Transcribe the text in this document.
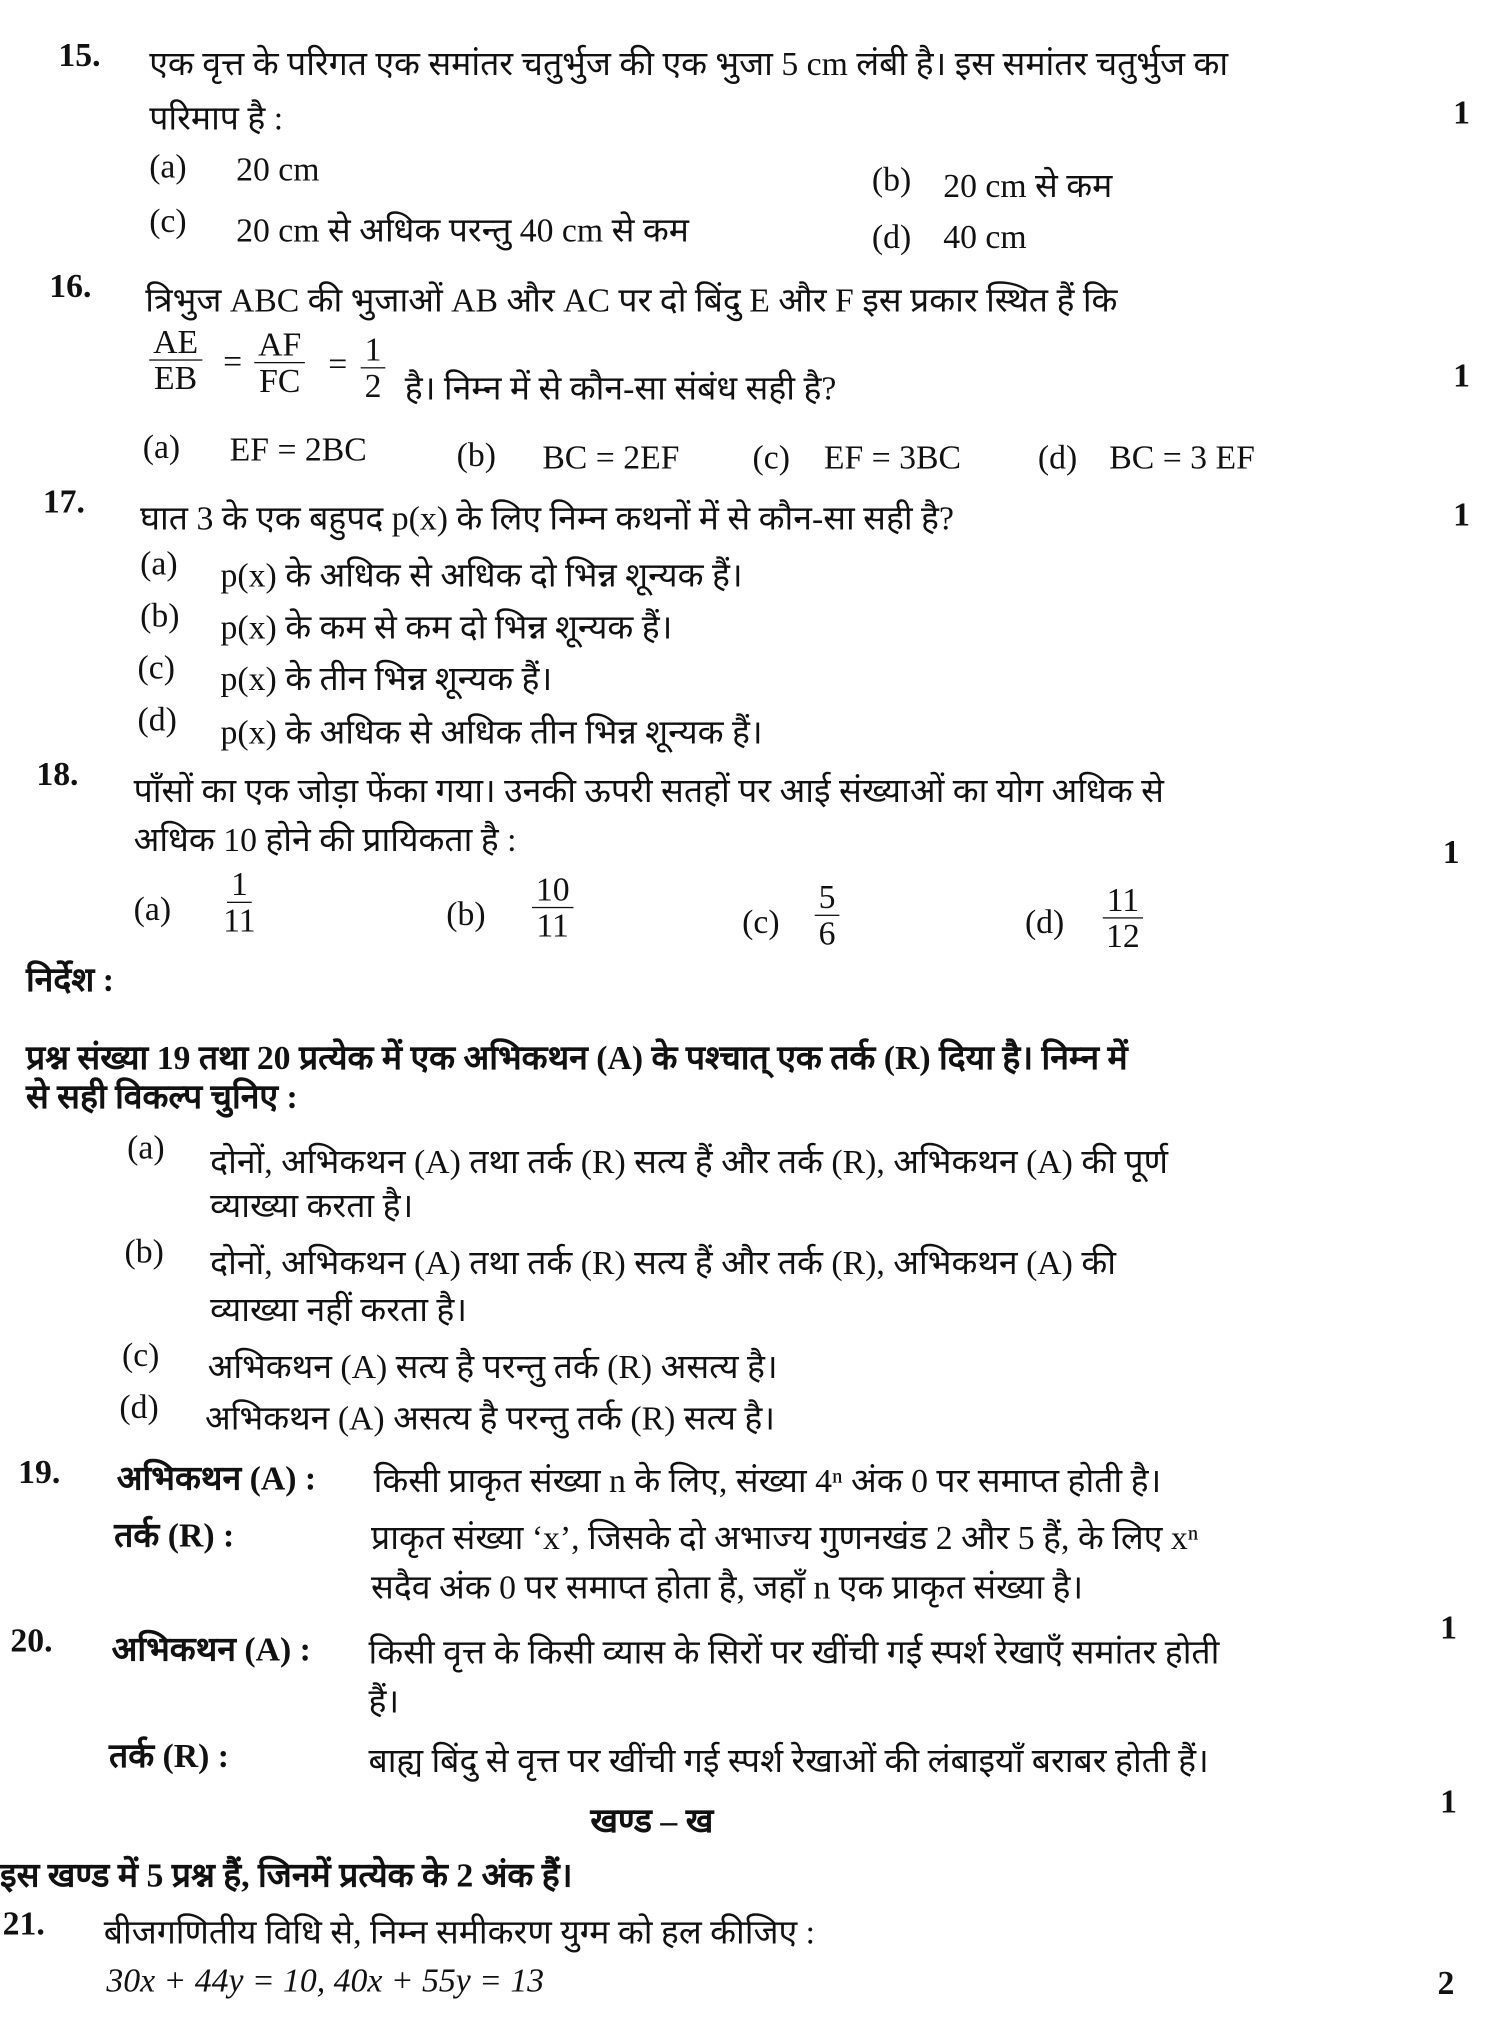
15. एक वृत्त के परिगत एक समांतर चतुर्भुज की एक भुजा 5 cm लंबी है। इस समांतर चतुर्भुज का
परिमाप है :	1
(a) 20 cm	(b) 20 cm से कम
(c) 20 cm से अधिक परन्तु 40 cm से कम	(d) 40 cm
16. त्रिभुज ABC की भुजाओं AB और AC पर दो बिंदु E और F इस प्रकार स्थित हैं कि
$\frac{AE}{EB} = \frac{AF}{FC} = \frac{1}{2}$ है। निम्न में से कौन-सा संबंध सही है?	1
(a) EF = 2BC	(b) BC = 2EF	(c) EF = 3BC	(d) BC = 3 EF
17. घात 3 के एक बहुपद p(x) के लिए निम्न कथनों में से कौन-सा सही है?	1
(a) p(x) के अधिक से अधिक दो भिन्न शून्यक हैं।
(b) p(x) के कम से कम दो भिन्न शून्यक हैं।
(c) p(x) के तीन भिन्न शून्यक हैं।
(d) p(x) के अधिक से अधिक तीन भिन्न शून्यक हैं।
18. पाँसों का एक जोड़ा फेंका गया। उनकी ऊपरी सतहों पर आई संख्याओं का योग अधिक से
अधिक 10 होने की प्रायिकता है :	1
$(a) \frac{1}{11}$	$(b) \frac{10}{11}$	$(c) \frac{5}{6}$	$(d) \frac{11}{12}$
निर्देश :
प्रश्न संख्या 19 तथा 20 प्रत्येक में एक अभिकथन (A) के पश्चात् एक तर्क (R) दिया है। निम्न में
से सही विकल्प चुनिए :
(a) दोनों, अभिकथन (A) तथा तर्क (R) सत्य हैं और तर्क (R), अभिकथन (A) की पूर्ण
व्याख्या करता है।
(b) दोनों, अभिकथन (A) तथा तर्क (R) सत्य हैं और तर्क (R), अभिकथन (A) की
व्याख्या नहीं करता है।
(c) अभिकथन (A) सत्य है परन्तु तर्क (R) असत्य है।
(d) अभिकथन (A) असत्य है परन्तु तर्क (R) सत्य है।
19. अभिकथन (A) : किसी प्राकृत संख्या n के लिए, संख्या 4ⁿ अंक 0 पर समाप्त होती है।
तर्क (R) :	प्राकृत संख्या ‘x’, जिसके दो अभाज्य गुणनखंड 2 और 5 हैं, के लिए xⁿ
सदैव अंक 0 पर समाप्त होता है, जहाँ n एक प्राकृत संख्या है।
1
20. अभिकथन (A) : किसी वृत्त के किसी व्यास के सिरों पर खींची गई स्पर्श रेखाएँ समांतर होती
हैं।
तर्क (R) :	बाह्य बिंदु से वृत्त पर खींची गई स्पर्श रेखाओं की लंबाइयाँ बराबर होती हैं।
1
खण्ड – ख
इस खण्ड में 5 प्रश्न हैं, जिनमें प्रत्येक के 2 अंक हैं।
21. बीजगणितीय विधि से, निम्न समीकरण युग्म को हल कीजिए :
30x + 44y = 10, 40x + 55y = 13	2
